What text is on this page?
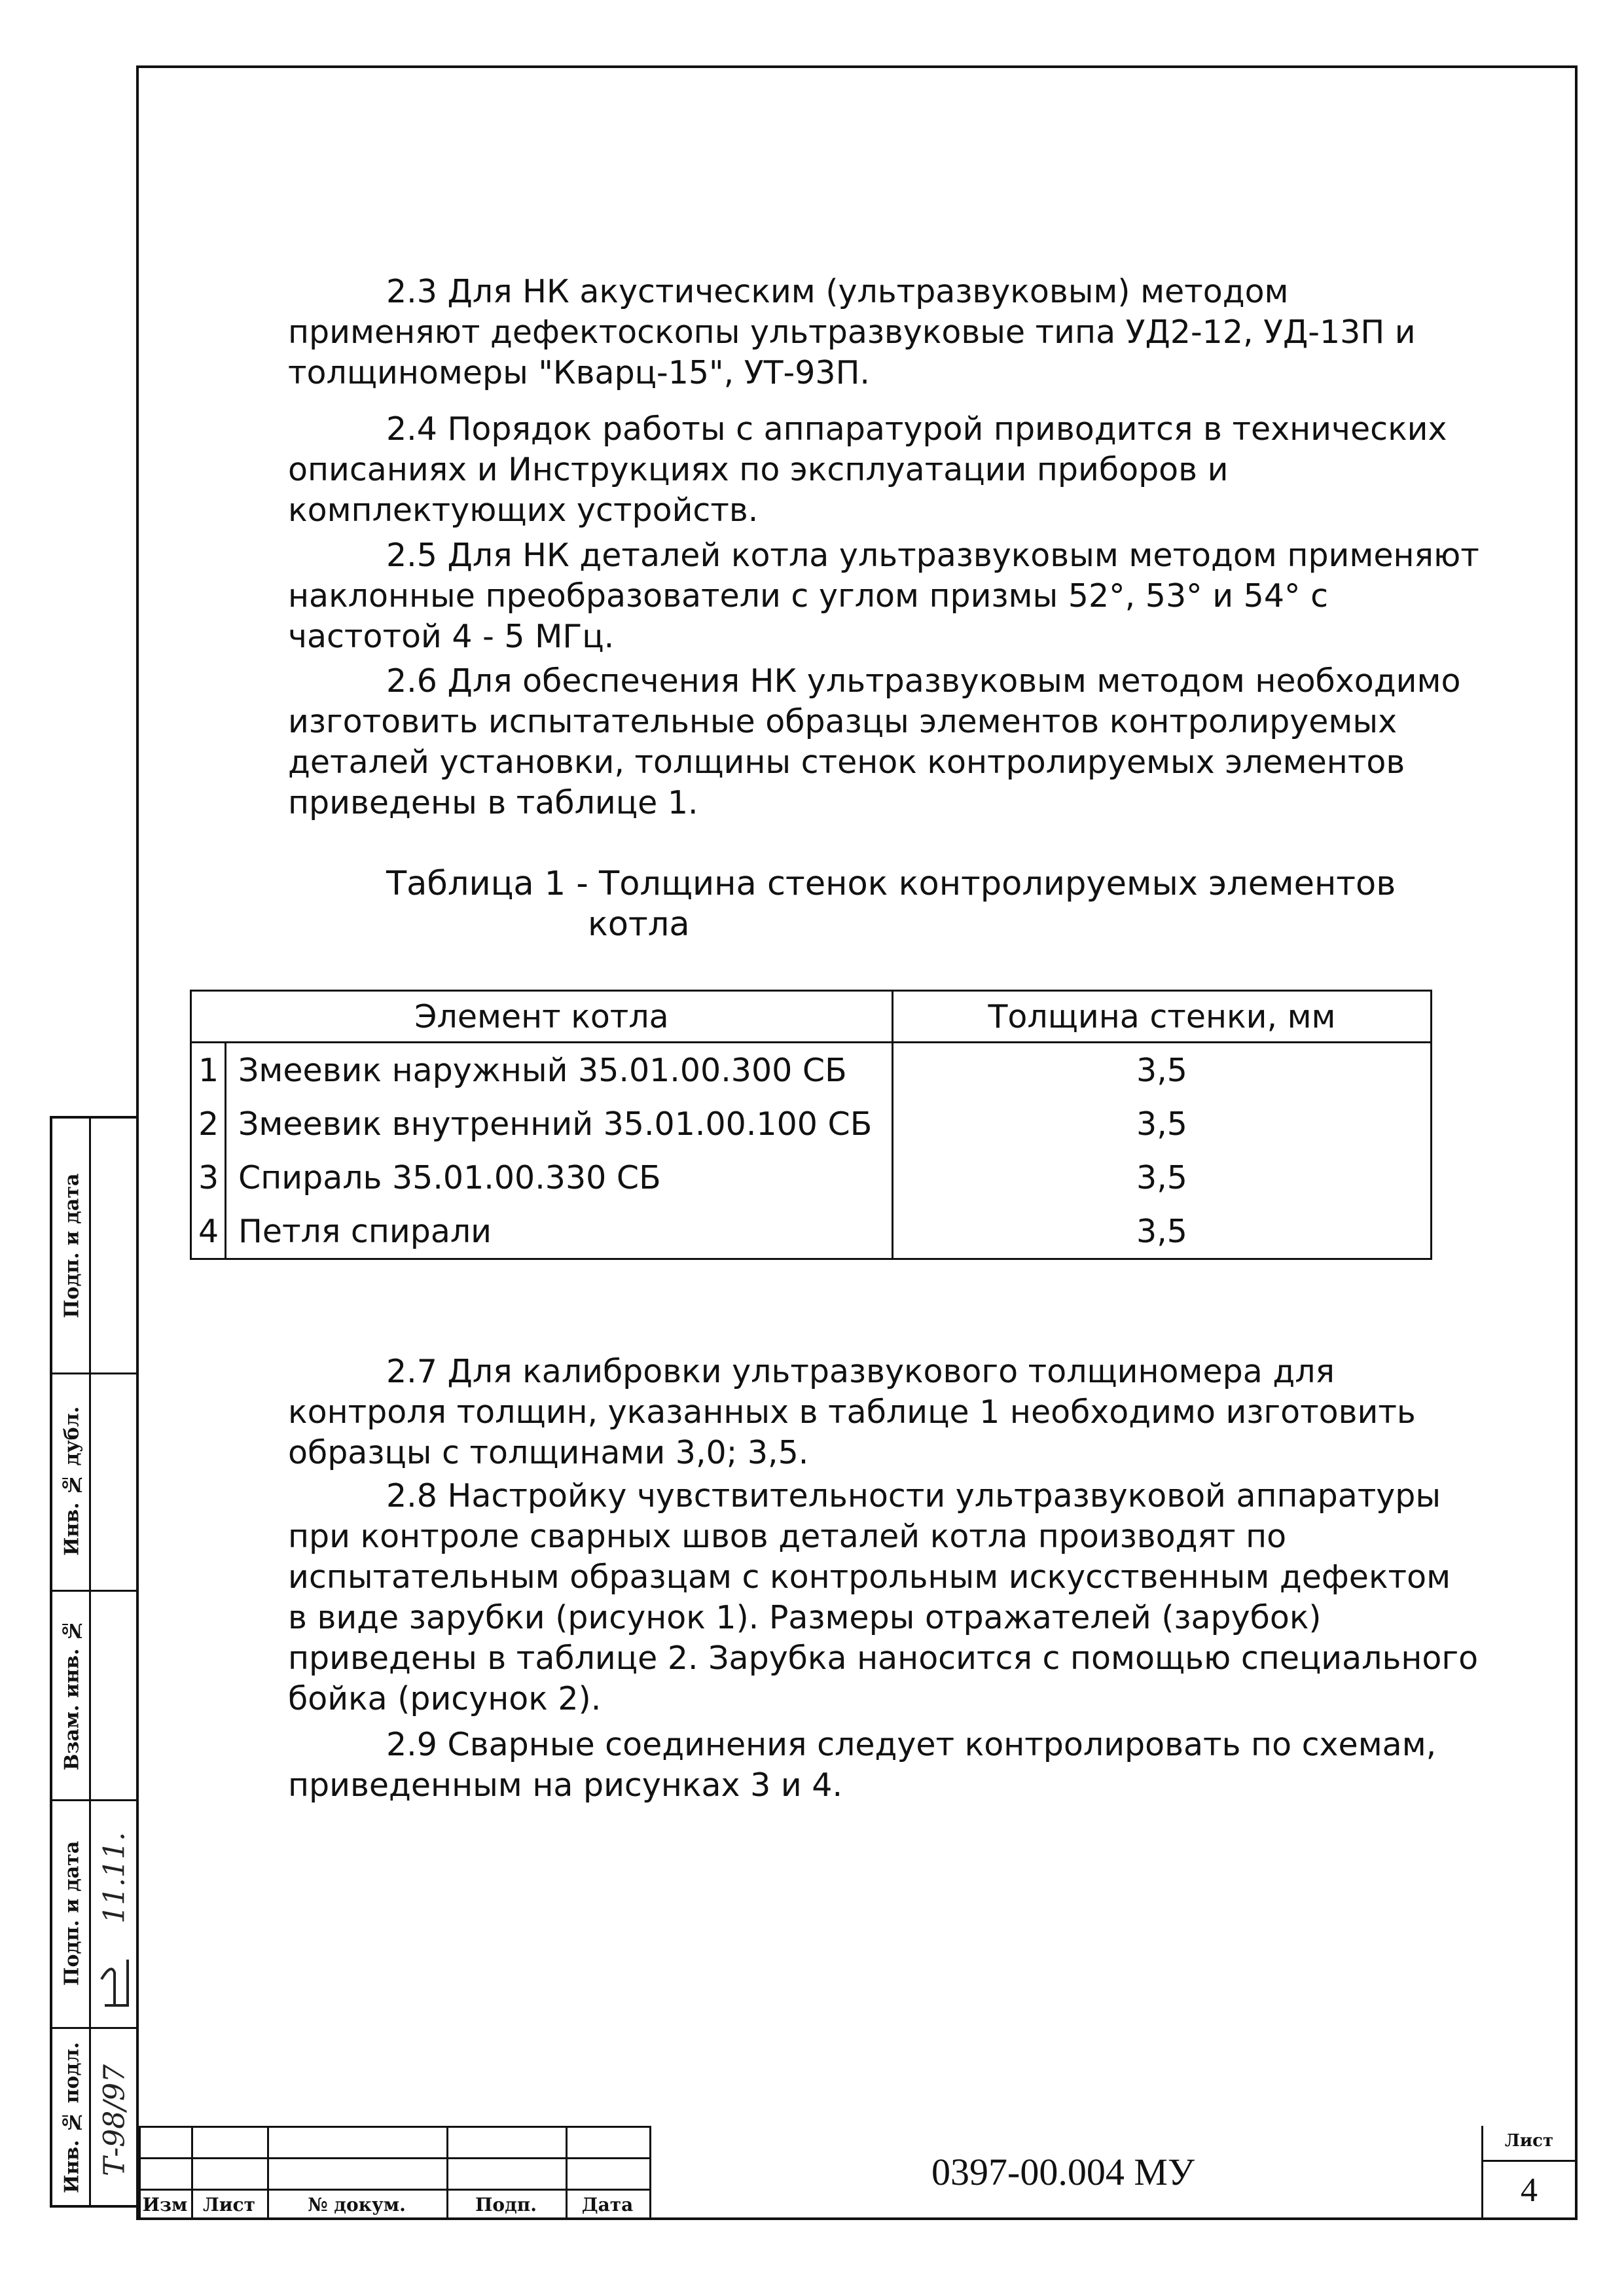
2.3 Для НК акустическим (ультразвуковым) методом применяют дефектоскопы ультразвуковые типа УД2-12, УД-13П и толщиномеры "Кварц-15", УТ-93П.

2.4 Порядок работы с аппаратурой приводится в технических описаниях и Инструкциях по эксплуатации приборов и комплектующих устройств.

2.5 Для НК деталей котла ультразвуковым методом применяют наклонные преобразователи с углом призмы 52°, 53° и 54° с частотой 4 - 5 МГц.

2.6 Для обеспечения НК ультразвуковым методом необходимо изготовить испытательные образцы элементов контролируемых деталей установки, толщины стенок контролируемых элементов приведены в таблице 1.

Таблица 1 - Толщина стенок контролируемых элементов
котла

Элемент котла		Толщина стенки, мм
1	Змеевик наружный 35.01.00.300 СБ	3,5
2	Змеевик внутренний 35.01.00.100 СБ	3,5
3	Спираль 35.01.00.330 СБ	3,5
4	Петля спирали	3,5

2.7 Для калибровки ультразвукового толщиномера для контроля толщин, указанных в таблице 1 необходимо изготовить образцы с толщинами 3,0; 3,5.

2.8 Настройку чувствительности ультразвуковой аппаратуры при контроле сварных швов деталей котла производят по испытательным образцам с контрольным искусственным дефектом в виде зарубки (рисунок 1). Размеры отражателей (зарубок) приведены в таблице 2. Зарубка наносится с помощью специального бойка (рисунок 2).

2.9 Сварные соединения следует контролировать по схемам, приведенным на рисунках 3 и 4.

Подп. и дата
Инв. № дубл.
Взам. инв. №
Подп. и дата
Инв. № подл.
11.11.
Т-98/97
Изм Лист	№ докум.	Подп.	Дата
0397-00.004 МУ
Лист
4
